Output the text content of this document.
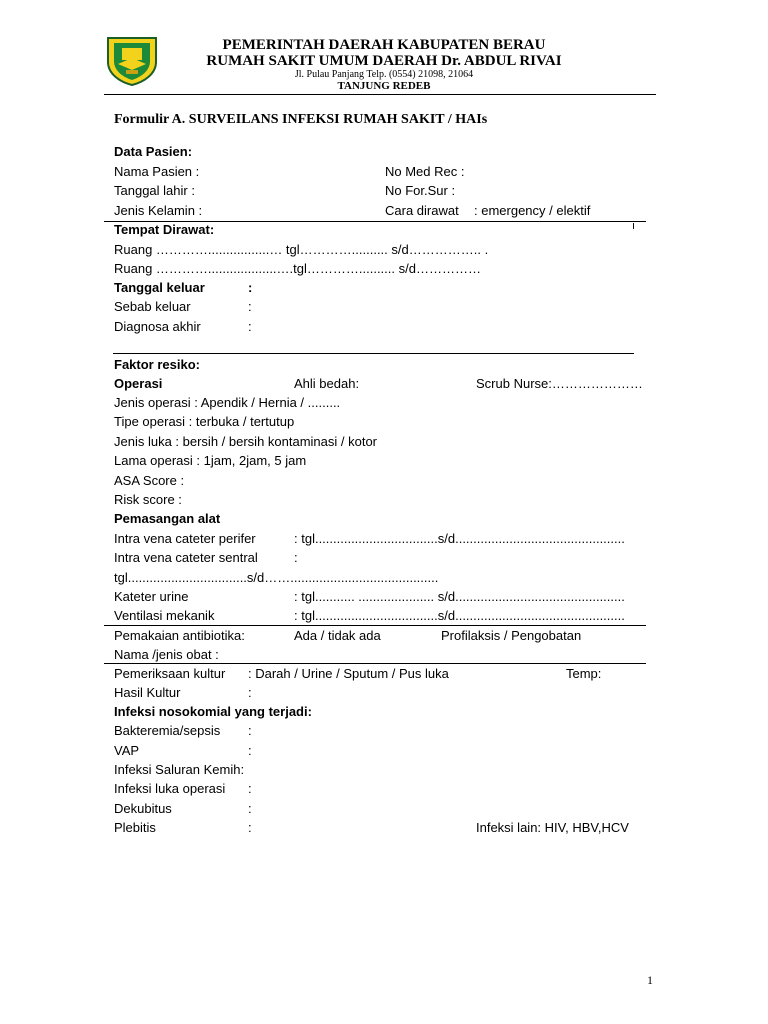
PEMERINTAH DAERAH KABUPATEN BERAU
RUMAH SAKIT UMUM DAERAH Dr. ABDUL RIVAI
Jl. Pulau Panjang Telp. (0554) 21098, 21064
TANJUNG REDEB
Formulir A. SURVEILANS INFEKSI RUMAH SAKIT / HAIs
Data Pasien:
Nama Pasien :
Tanggal lahir :
Jenis Kelamin :
No Med Rec :
No For.Sur :
Cara dirawat : emergency / elektif
ı
Tempat Dirawat:
Ruang ………….................… tgl………….......... s/d…………….. .
Ruang …………...................….tgl………….......... s/d……………
Tanggal keluar	:
Sebab keluar	:
Diagnosa akhir	:
Faktor resiko:
Operasi	Ahli bedah:	Scrub Nurse:…………………
Jenis operasi : Apendik / Hernia / .........
Tipe operasi : terbuka / tertutup
Jenis luka : bersih / bersih kontaminasi / kotor
Lama operasi : 1jam, 2jam, 5 jam
ASA Score :
Risk score :
Pemasangan alat
Intra vena cateter perifer	: tgl..................................s/d...............................................
Intra vena cateter sentral	:
tgl.................................s/d…….........................................
Kateter urine	: tgl........... ..................... s/d...............................................
Ventilasi mekanik	: tgl..................................s/d...............................................
Pemakaian antibiotika:	Ada / tidak ada	Profilaksis / Pengobatan
Nama /jenis obat :
Pemeriksaan kultur : Darah / Urine / Sputum / Pus luka	Temp:
Hasil Kultur	:
Infeksi nosokomial yang terjadi:
Bakteremia/sepsis :
VAP	:
Infeksi Saluran Kemih:
Infeksi luka operasi :
Dekubitus	:
Plebitis	:	Infeksi lain: HIV, HBV,HCV
1
